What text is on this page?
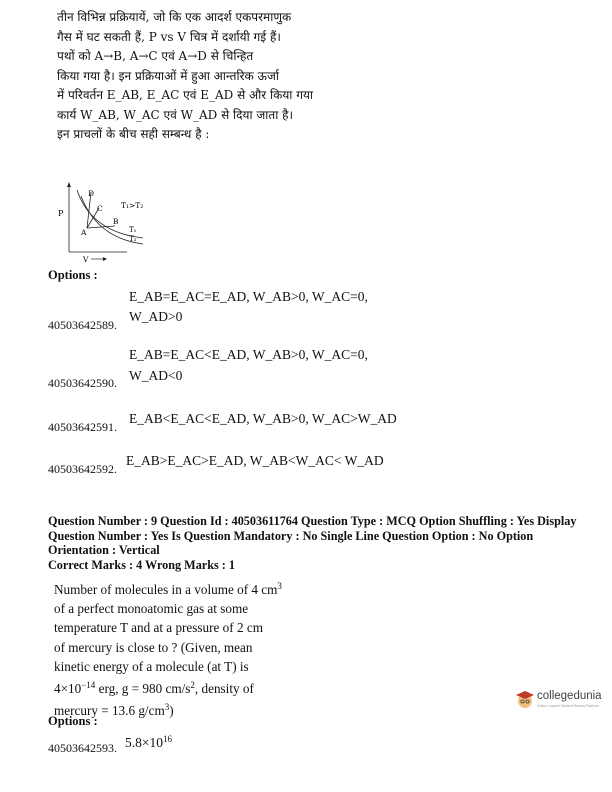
तीन विभिन्न प्रक्रियायें, जो कि एक आदर्श एकपरमाणुक
गैस में घट सकती हैं, P vs V चित्र में दर्शायी गई हैं।
पथों को A→B, A→C एवं A→D से चिन्हित
किया गया है। इन प्रक्रियाओं में हुआ आन्तरिक ऊर्जा
में परिवर्तन E_AB, E_AC एवं E_AD से और किया गया
कार्य W_AB, W_AC एवं W_AD से दिया जाता है।
इन प्राचलों के बीच सही सम्बन्ध है :
P
D
C
B
A
T₁>T₂
T₁
T₂
V
Options :
40503642589.
E_AB=E_AC=E_AD, W_AB>0, W_AC=0,
W_AD>0
40503642590.
E_AB=E_AC<E_AD, W_AB>0, W_AC=0,
W_AD<0
40503642591.
E_AB<E_AC<E_AD, W_AB>0, W_AC>W_AD
40503642592.
E_AB>E_AC>E_AD, W_AB<W_AC< W_AD
Question Number : 9 Question Id : 40503611764 Question Type : MCQ Option Shuffling : Yes Display
Question Number : Yes Is Question Mandatory : No Single Line Question Option : No Option
Orientation : Vertical
Correct Marks : 4 Wrong Marks : 1
Number of molecules in a volume of 4 $cm^3$
of a perfect monoatomic gas at some
temperature T and at a pressure of 2 cm
of mercury is close to ? (Given, mean
kinetic energy of a molecule (at T) is
$4\times 10^{-14}$ erg, g = 980 $cm/s^2$, density of
mercury = 13.6 $g/cm^3$)
Options :
40503642593. $5.8\times 10^{16}$
collegedunia
India's Largest Student Review Platform
